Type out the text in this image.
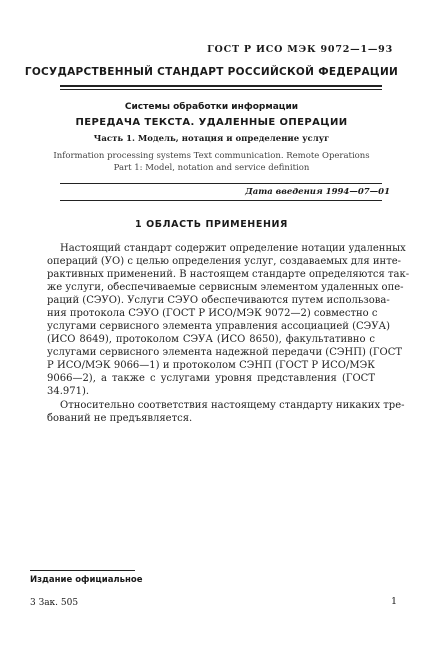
ГОСТ Р ИСО МЭК 9072—1—93
ГОСУДАРСТВЕННЫЙ СТАНДАРТ РОССИЙСКОЙ ФЕДЕРАЦИИ
Системы обработки информации
ПЕРЕДАЧА ТЕКСТА. УДАЛЕННЫЕ ОПЕРАЦИИ
Часть 1. Модель, нотация и определение услуг
Information processing systems Text communication. Remote Operations
Part 1: Model, notation and service definition
Дата введения 1994—07—01
1 ОБЛАСТЬ ПРИМЕНЕНИЯ
Настоящий стандарт содержит определение нотации удаленных
операций (УО) с целью определения услуг, создаваемых для инте-
рактивных применений. В настоящем стандарте определяются так-
же услуги, обеспечиваемые сервисным элементом удаленных опе-
раций (СЭУО). Услуги СЭУО обеспечиваются путем использова-
ния протокола СЭУО (ГОСТ Р ИСО/МЭК 9072—2) совместно с
услугами сервисного элемента управления ассоциацией (СЭУА)
(ИСО 8649), протоколом СЭУА (ИСО 8650), факультативно с
услугами сервисного элемента надежной передачи (СЭНП) (ГОСТ
Р ИСО/МЭК 9066—1) и протоколом СЭНП (ГОСТ Р ИСО/МЭК
9066—2), а также с услугами уровня представления (ГОСТ
34.971).
Относительно соответствия настоящему стандарту никаких тре-
бований не предъявляется.
Издание официальное
3 Зак. 505	1
